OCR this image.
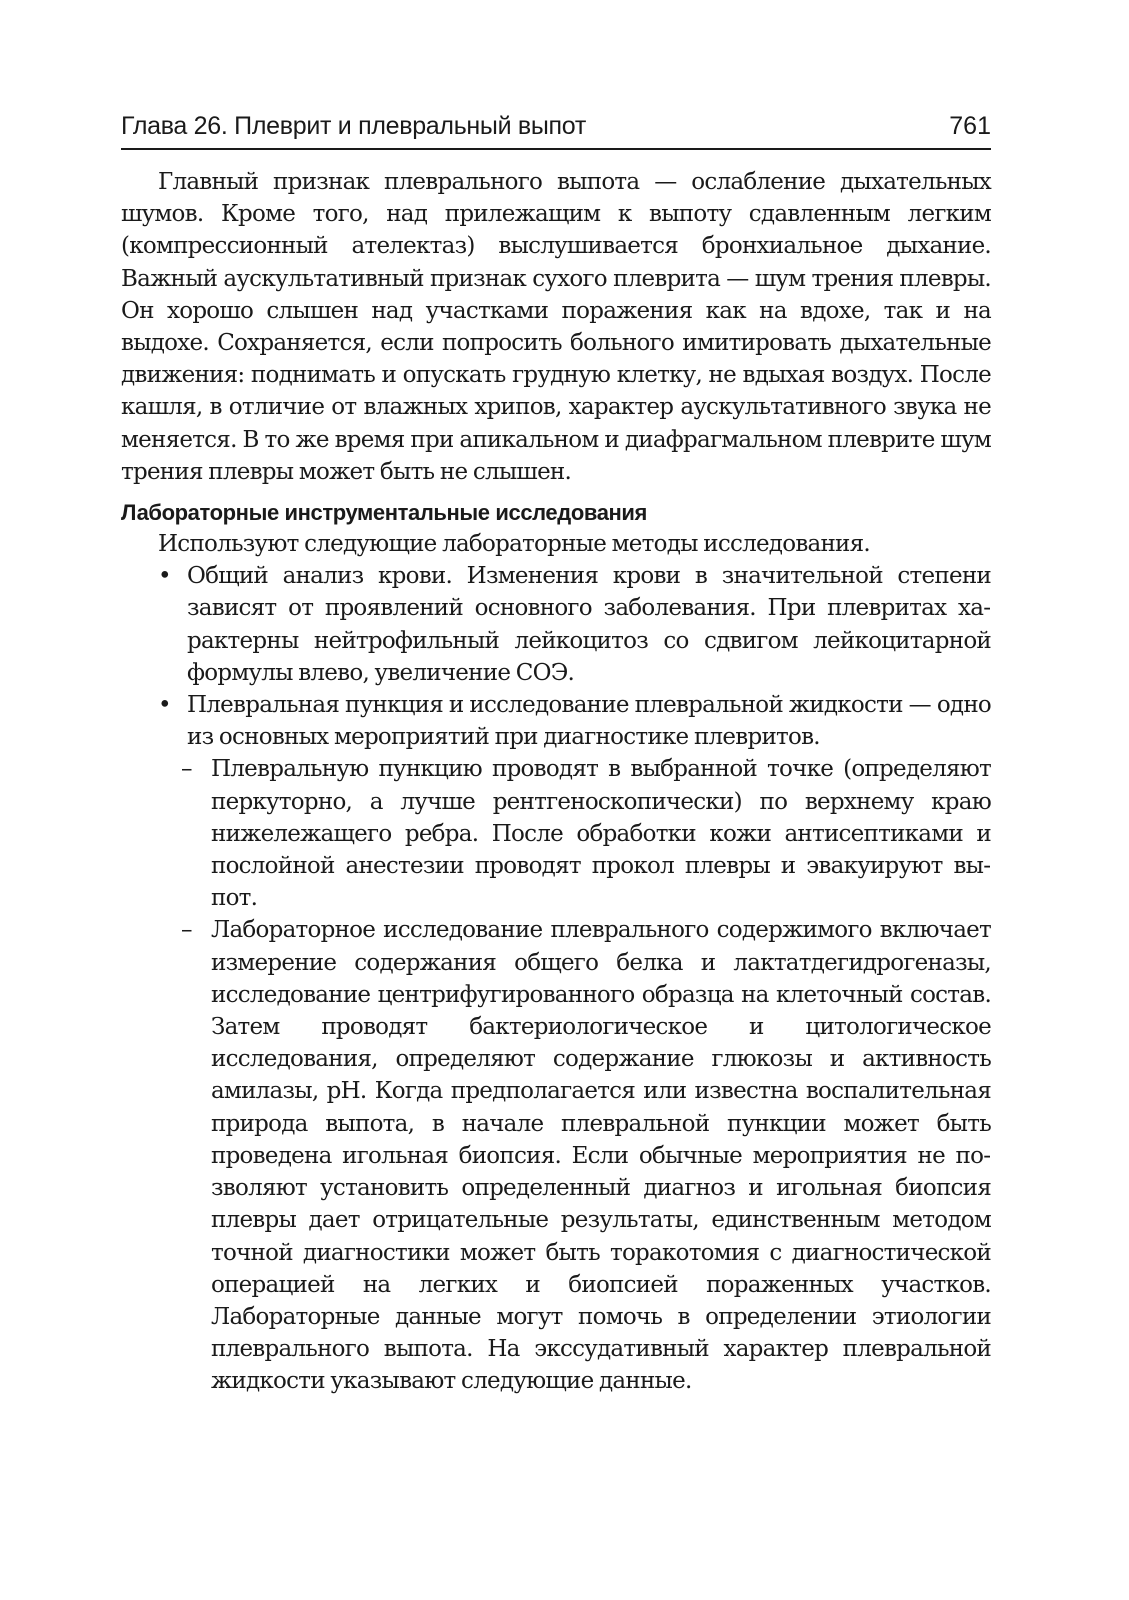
Глава 26. Плеврит и плевральный выпот	761

Главный признак плеврального выпота — ослабление дыхательных шумов. Кроме того, над прилежащим к выпоту сдавленным легким (компрессионный ателектаз) выслушивается бронхиальное дыхание. Важный аускультативный признак сухого плеврита — шум трения плевры. Он хорошо слышен над участками поражения как на вдохе, так и на выдохе. Сохраняется, если попросить больного имитировать дыхательные движения: поднимать и опускать грудную клетку, не вдыхая воздух. После кашля, в отличие от влажных хрипов, характер аускультативного звука не меняется. В то же время при апикальном и диафрагмальном плеврите шум трения плевры может быть не слышен.

Лабораторные инструментальные исследования

Используют следующие лабораторные методы исследования.

• Общий анализ крови. Изменения крови в значительной степени зависят от проявлений основного заболевания. При плевритах характерны нейтрофильный лейкоцитоз со сдвигом лейкоцитарной формулы влево, увеличение СОЭ.
• Плевральная пункция и исследование плевральной жидкости — одно из основных мероприятий при диагностике плевритов.
– Плевральную пункцию проводят в выбранной точке (определяют перкуторно, а лучше рентгеноскопически) по верхнему краю нижележащего ребра. После обработки кожи антисептиками и послойной анестезии проводят прокол плевры и эвакуируют выпот.
– Лабораторное исследование плеврального содержимого включает измерение содержания общего белка и лактатдегидрогеназы, исследование центрифугированного образца на клеточный состав. Затем проводят бактериологическое и цитологическое исследования, определяют содержание глюкозы и активность амилазы, pH. Когда предполагается или известна воспалительная природа выпота, в начале плевральной пункции может быть проведена игольная биопсия. Если обычные мероприятия не позволяют установить определенный диагноз и игольная биопсия плевры дает отрицательные результаты, единственным методом точной диагностики может быть торакотомия с диагностической операцией на легких и биопсией пораженных участков. Лабораторные данные могут помочь в определении этиологии плеврального выпота. На экссудативный характер плевральной жидкости указывают следующие данные.
